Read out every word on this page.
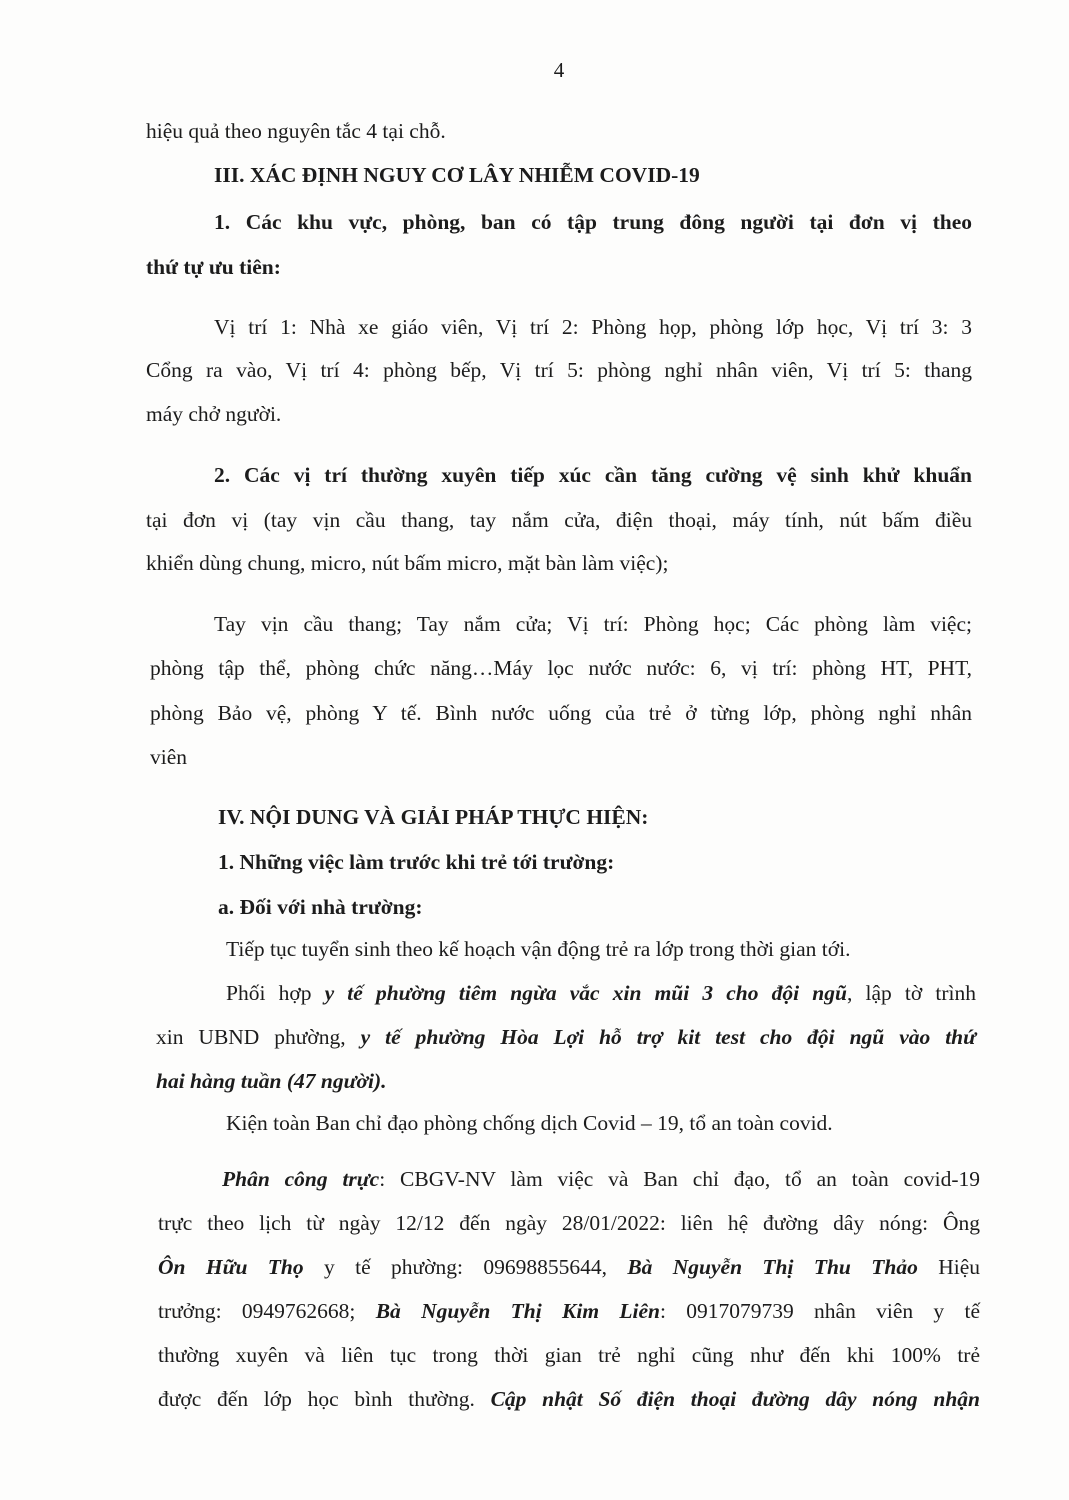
4
hiệu quả theo nguyên tắc 4 tại chỗ.
III. XÁC ĐỊNH NGUY CƠ LÂY NHIỄM COVID-19
1. Các khu vực, phòng, ban có tập trung đông người tại đơn vị theo
thứ tự ưu tiên:
Vị trí 1: Nhà xe giáo viên, Vị trí 2: Phòng họp, phòng lớp học, Vị trí 3: 3
Cổng ra vào, Vị trí 4: phòng bếp, Vị trí 5: phòng nghỉ nhân viên, Vị trí 5: thang
máy chở người.
2. Các vị trí thường xuyên tiếp xúc cần tăng cường vệ sinh khử khuẩn
tại đơn vị (tay vịn cầu thang, tay nắm cửa, điện thoại, máy tính, nút bấm điều
khiển dùng chung, micro, nút bấm micro, mặt bàn làm việc);
Tay vịn cầu thang; Tay nắm cửa; Vị trí: Phòng học; Các phòng làm việc;
phòng tập thể, phòng chức năng…Máy lọc nước nước: 6, vị trí: phòng HT, PHT,
phòng Bảo vệ, phòng Y tế. Bình nước uống của trẻ ở từng lớp, phòng nghỉ nhân
viên
IV. NỘI DUNG VÀ GIẢI PHÁP THỰC HIỆN:
1. Những việc làm trước khi trẻ tới trường:
a. Đối với nhà trường:
Tiếp tục tuyển sinh theo kế hoạch vận động trẻ ra lớp trong thời gian tới.
Phối hợp y tế phường tiêm ngừa vắc xin mũi 3 cho đội ngũ, lập tờ trình
xin UBND phường, y tế phường Hòa Lợi hỗ trợ kit test cho đội ngũ vào thứ
hai hàng tuần (47 người).
Kiện toàn Ban chỉ đạo phòng chống dịch Covid – 19, tổ an toàn covid.
Phân công trực: CBGV-NV làm việc và Ban chỉ đạo, tổ an toàn covid-19
trực theo lịch từ ngày 12/12 đến ngày 28/01/2022: liên hệ đường dây nóng: Ông
Ôn Hữu Thọ y tế phường: 09698855644, Bà Nguyễn Thị Thu Thảo Hiệu
trưởng: 0949762668; Bà Nguyễn Thị Kim Liên: 0917079739 nhân viên y tế
thường xuyên và liên tục trong thời gian trẻ nghỉ cũng như đến khi 100% trẻ
được đến lớp học bình thường. Cập nhật Số điện thoại đường dây nóng nhận
